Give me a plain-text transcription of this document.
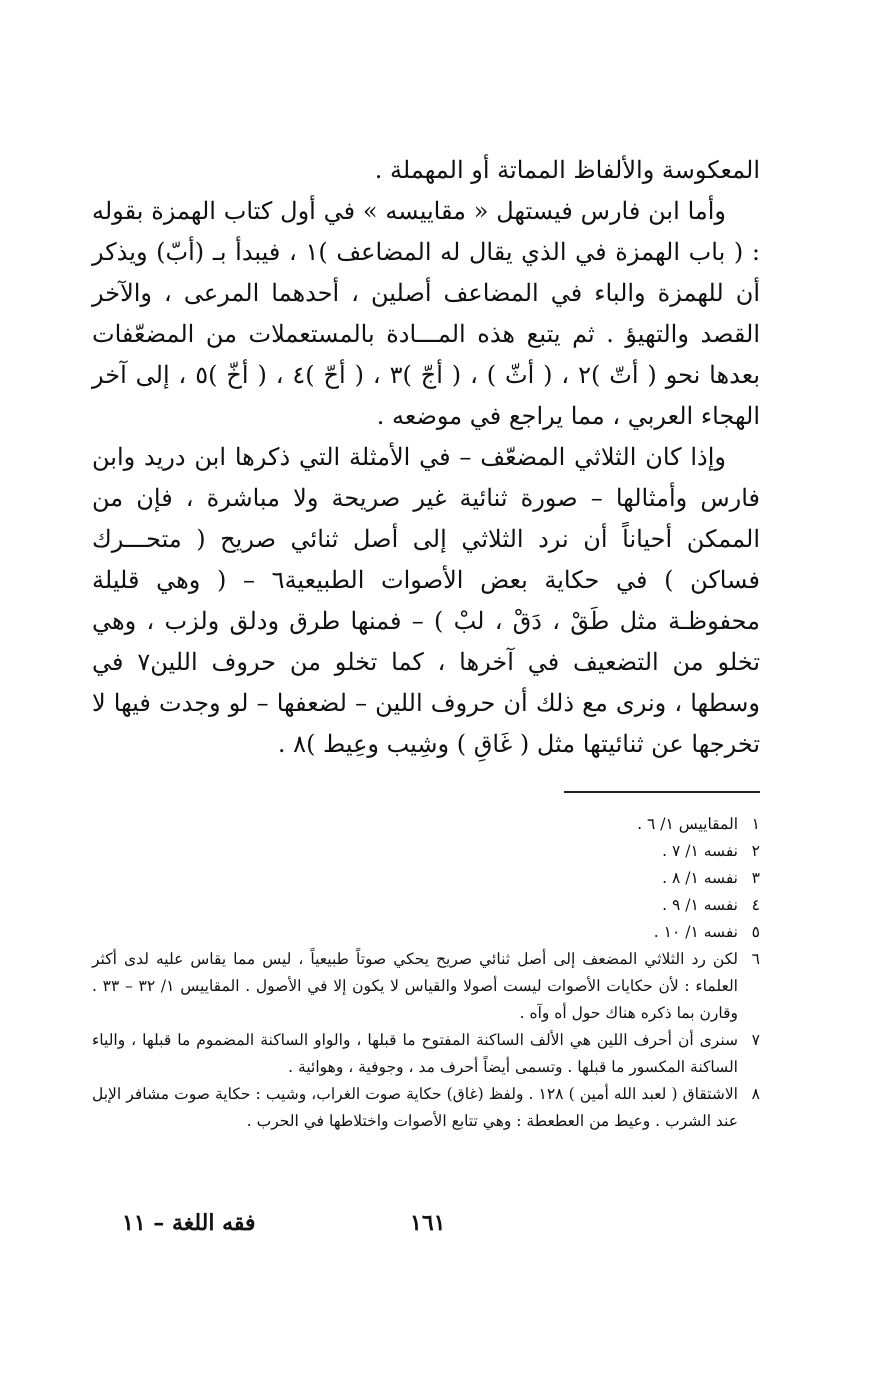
المعكوسة والألفاظ المماتة أو المهملة .

وأما ابن فارس فيستهل « مقاييسه » في أول كتاب الهمزة بقوله : ( باب الهمزة في الذي يقال له المضاعف )١ ، فيبدأ بـ (أبّ) ويذكر أن للهمزة والباء في المضاعف أصلين ، أحدهما المرعى ، والآخر القصد والتهيؤ . ثم يتبع هذه المـــادة بالمستعملات من المضعّفات بعدها نحو ( أتّ )٢ ، ( أثّ ) ، ( أجّ )٣ ، ( أحّ )٤ ، ( أخّ )٥ ، إلى آخر الهجاء العربي ، مما يراجع في موضعه .

وإذا كان الثلاثي المضعّف – في الأمثلة التي ذكرها ابن دريد وابن فارس وأمثالها – صورة ثنائية غير صريحة ولا مباشرة ، فإن من الممكن أحياناً أن نرد الثلاثي إلى أصل ثنائي صريح ( متحـــرك فساكن ) في حكاية بعض الأصوات الطبيعية٦ – ( وهي قليلة محفوظـة مثل طَقْ ، دَقْ ، لبْ ) – فمنها طرق ودلق ولزب ، وهي تخلو من التضعيف في آخرها ، كما تخلو من حروف اللين٧ في وسطها ، ونرى مع ذلك أن حروف اللين – لضعفها – لو وجدت فيها لا تخرجها عن ثنائيتها مثل ( غَاقِ ) وشِيب وعِيط )٨ .

١
المقاييس ١/ ٦ .
٢
نفسه ١/ ٧ .
٣
نفسه ١/ ٨ .
٤
نفسه ١/ ٩ .
٥
نفسه ١/ ١٠ .
٦
لكن رد الثلاثي المضعف إلى أصل ثنائي صريح يحكي صوتاً طبيعياً ، ليس مما يقاس عليه لدى أكثر العلماء : لأن حكايات الأصوات ليست أصولا والقياس لا يكون إلا في الأصول . المقاييس ١/ ٣٢ – ٣٣ . وقارن بما ذكره هناك حول أه وآه .
٧
سنرى أن أحرف اللين هي الألف الساكنة المفتوح ما قبلها ، والواو الساكنة المضموم ما قبلها ، والياء الساكنة المكسور ما قبلها . وتسمى أيضاً أحرف مد ، وجوفية ، وهوائية .
٨
الاشتقاق ( لعبد الله أمين ) ١٢٨ . ولفظ (غاق) حكاية صوت الغراب، وشيب : حكاية صوت مشافر الإبل عند الشرب . وعيط من العطعطة : وهي تتابع الأصوات واختلاطها في الحرب .
فقه اللغة – ١١	١٦١
